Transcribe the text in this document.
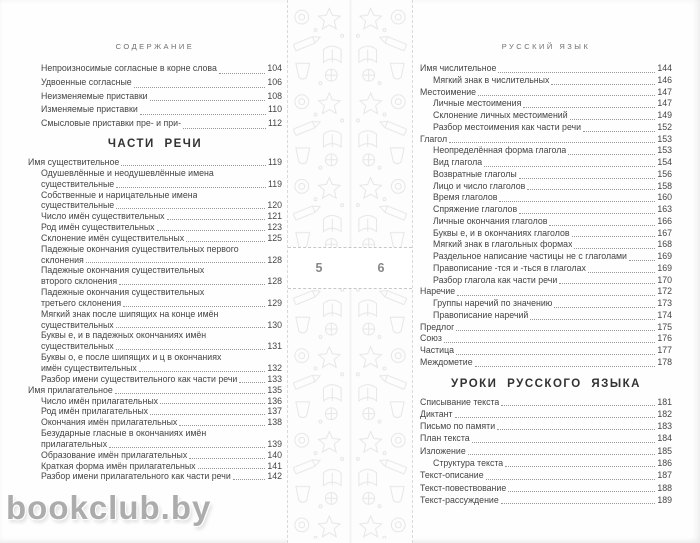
СОДЕРЖАНИЕ
Непроизносимые согласные в корне слова	104
Удвоенные согласные	106
Неизменяемые приставки	108
Изменяемые приставки	110
Смысловые приставки пре- и при-	112
ЧАСТИ РЕЧИ
Имя существительное	119
Одушевлённые и неодушевлённые имена
существительные	119
Собственные и нарицательные имена
существительные	120
Число имён существительных	121
Род имён существительных	123
Склонение имён существительных	125
Падежные окончания существительных первого
склонения	128
Падежные окончания существительных
второго склонения	128
Падежные окончания существительных
третьего склонения	129
Мягкий знак после шипящих на конце имён
существительных	130
Буквы е, и в падежных окончаниях имён
существительных	131
Буквы о, е после шипящих и ц в окончаниях
имён существительных	132
Разбор имени существительного как части речи	133
Имя прилагательное	135
Число имён прилагательных	136
Род имён прилагательных	137
Окончания имён прилагательных	138
Безударные гласные в окончаниях имён
прилагательных	139
Образование имён прилагательных	140
Краткая форма имён прилагательных	141
Разбор имени прилагательного как части речи	142
5	6
РУССКИЙ ЯЗЫК
Имя числительное	144
Мягкий знак в числительных	146
Местоимение	147
Личные местоимения	147
Склонение личных местоимений	149
Разбор местоимения как части речи	152
Глагол	153
Неопределённая форма глагола	153
Вид глагола	154
Возвратные глаголы	156
Лицо и число глаголов	158
Время глаголов	160
Спряжение глаголов	163
Личные окончания глаголов	166
Буквы е, и в окончаниях глаголов	167
Мягкий знак в глагольных формах	168
Раздельное написание частицы не с глаголами	169
Правописание -тся и -ться в глаголах	169
Разбор глагола как части речи	170
Наречие	172
Группы наречий по значению	173
Правописание наречий	174
Предлог	175
Союз	176
Частица	177
Междометие	178
УРОКИ РУССКОГО ЯЗЫКА
Списывание текста	181
Диктант	182
Письмо по памяти	183
План текста	184
Изложение	185
Структура текста	186
Текст-описание	187
Текст-повествование	188
Текст-рассуждение	189
bookclub.by
